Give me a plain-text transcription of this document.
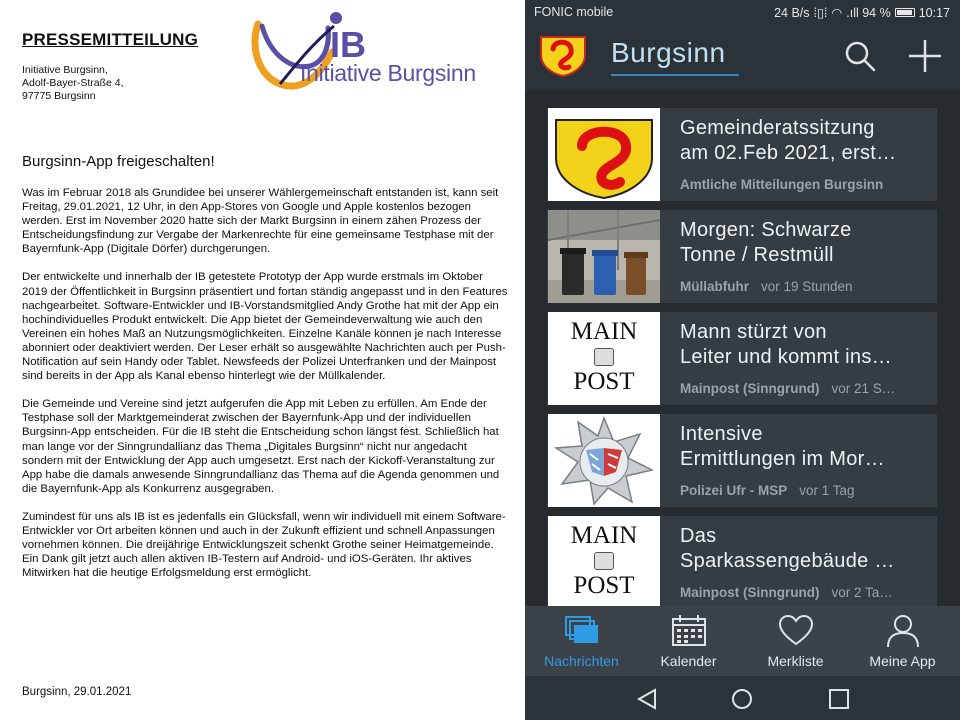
PRESSEMITTEILUNG
Initiative Burgsinn,
Adolf-Bayer-Straße 4,
97775 Burgsinn
IB
Initiative Burgsinn
Burgsinn-App freigeschalten!

Was im Februar 2018 als Grundidee bei unserer Wählergemeinschaft entstanden ist, kann seit Freitag, 29.01.2021, 12 Uhr, in den App-Stores von Google und Apple kostenlos bezogen werden. Erst im November 2020 hatte sich der Markt Burgsinn in einem zähen Prozess der Entscheidungsfindung zur Vergabe der Markenrechte für eine gemeinsame Testphase mit der Bayernfunk-App (Digitale Dörfer) durchgerungen.

Der entwickelte und innerhalb der IB getestete Prototyp der App wurde erstmals im Oktober 2019 der Öffentlichkeit in Burgsinn präsentiert und fortan ständig angepasst und in den Features nachgearbeitet. Software-Entwickler und IB-Vorstandsmitglied Andy Grothe hat mit der App ein hochindividuelles Produkt entwickelt. Die App bietet der Gemeindeverwaltung wie auch den Vereinen ein hohes Maß an Nutzungsmöglichkeiten. Einzelne Kanäle können je nach Interesse abonniert oder deaktiviert werden. Der Leser erhält so ausgewählte Nachrichten auch per Push-Notification auf sein Handy oder Tablet. Newsfeeds der Polizei Unterfranken und der Mainpost sind bereits in der App als Kanal ebenso hinterlegt wie der Müllkalender.

Die Gemeinde und Vereine sind jetzt aufgerufen die App mit Leben zu erfüllen. Am Ende der Testphase soll der Marktgemeinderat zwischen der Bayernfunk-App und der individuellen Burgsinn-App entscheiden. Für die IB steht die Entscheidung schon längst fest. Schließlich hat man lange vor der Sinngrundallianz das Thema „Digitales Burgsinn“ nicht nur angedacht sondern mit der Entwicklung der App auch umgesetzt. Erst nach der Kickoff-Veranstaltung zur App habe die damals anwesende Sinngrundallianz das Thema auf die Agenda genommen und die Bayernfunk-App als Konkurrenz ausgegraben.

Zumindest für uns als IB ist es jedenfalls ein Glücksfall, wenn wir individuell mit einem Software-Entwickler vor Ort arbeiten können und auch in der Zukunft effizient und schnell Anpassungen vornehmen können. Die dreijährige Entwicklungszeit schenkt Grothe seiner Heimatgemeinde. Ein Dank gilt jetzt auch allen aktiven IB-Testern auf Android- und iOS-Geräten. Ihr aktives Mitwirken hat die heutige Erfolgsmeldung erst ermöglicht.

Burgsinn, 29.01.2021
FONIC mobile	24 B/s ⁞▯⁞ ◠ .ıll 94 % 10:17
Burgsinn
Gemeinderatssitzung
am 02.Feb 2021, erst…
Amtliche Mitteilungen Burgsinn
Morgen: Schwarze
Tonne / Restmüll
Müllabfuhr vor 19 Stunden
MAIN
POST
Mann stürzt von
Leiter und kommt ins…
Mainpost (Sinngrund) vor 21 S…
Intensive
Ermittlungen im Mor…
Polizei Ufr - MSP vor 1 Tag
MAIN
POST
Das
Sparkassengebäude …
Mainpost (Sinngrund) vor 2 Ta…
Nachrichten	Kalender	Merkliste	Meine App
